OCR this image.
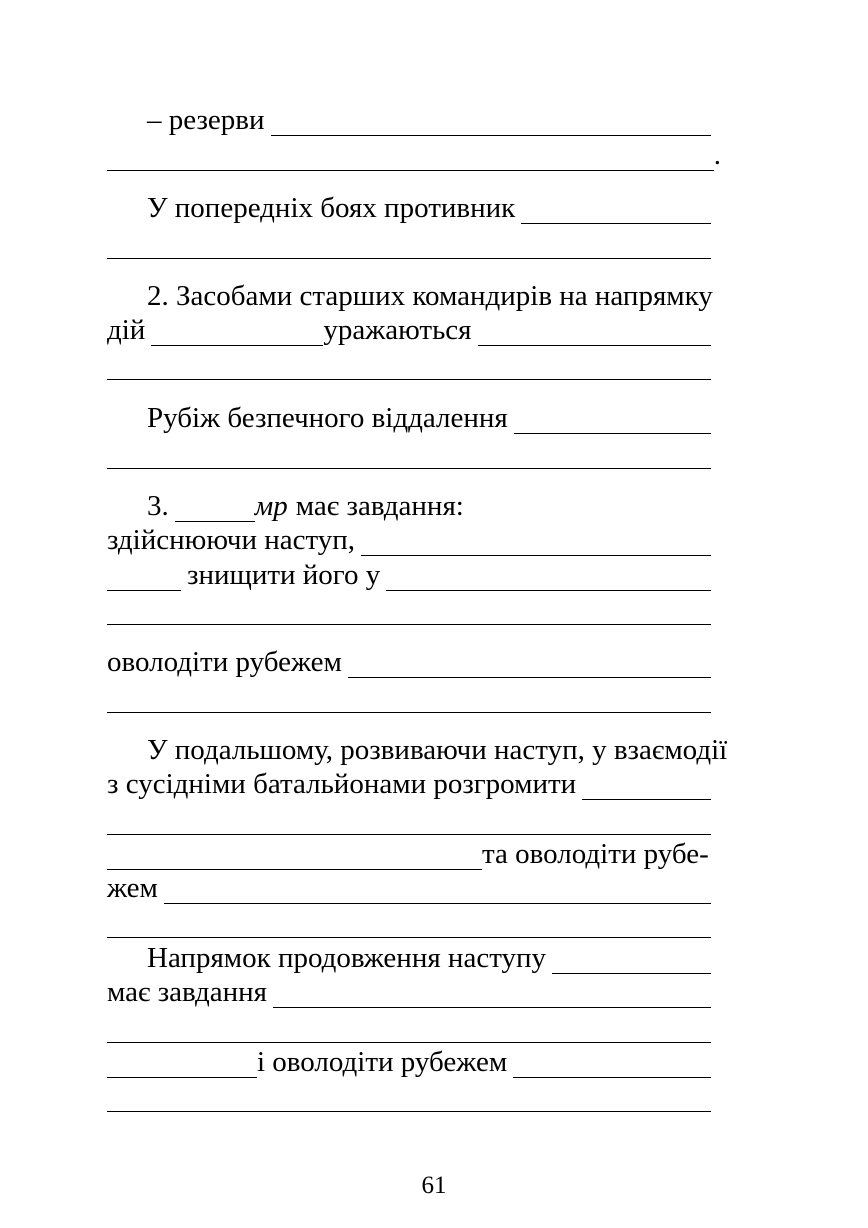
– резерви
.
У попередніх боях противник
2. Засобами старших командирів на напрямку
дій	уражаються
Рубіж безпечного віддалення
3.	мр має завдання:
здійснюючи наступ,
знищити його у
оволодіти рубежем
У подальшому, розвиваючи наступ, у взаємодії
з сусідніми батальйонами розгромити
та оволодіти рубе-
жем
Напрямок продовження наступу
має завдання
і оволодіти рубежем
61
